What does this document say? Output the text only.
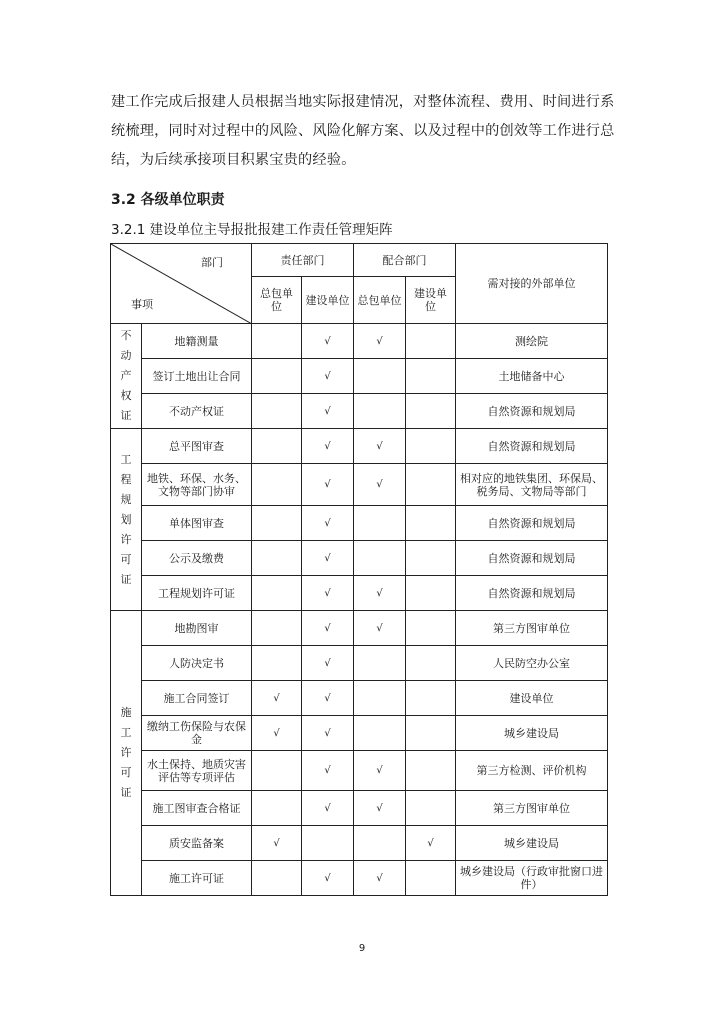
建工作完成后报建人员根据当地实际报建情况，对整体流程、费用、时间进行系

统梳理，同时对过程中的风险、风险化解方案、以及过程中的创效等工作进行总

结，为后续承接项目积累宝贵的经验。

3.2 各级单位职责
3.2.1 建设单位主导报批报建工作责任管理矩阵
部门
事项		责任部门		配合部门		需对接的外部单位
		总包单位	建设单位	总包单位	建设单位	

不动产权证	地籍测量		√	√		测绘院
	签订土地出让合同		√			土地储备中心
	不动产权证		√			自然资源和规划局

工程规划许可证	总平图审查		√	√		自然资源和规划局
	地铁、环保、水务、文物等部门协审		√	√		相对应的地铁集团、环保局、税务局、文物局等部门
	单体图审查		√			自然资源和规划局
	公示及缴费		√			自然资源和规划局
	工程规划许可证		√	√		自然资源和规划局

施工许可证	地勘图审		√	√		第三方图审单位
	人防决定书		√			人民防空办公室
	施工合同签订	√	√			建设单位
	缴纳工伤保险与农保金	√	√			城乡建设局
	水土保持、地质灾害评估等专项评估		√	√		第三方检测、评价机构
	施工图审查合格证		√	√		第三方图审单位
	质安监备案	√			√	城乡建设局
	施工许可证		√	√		城乡建设局（行政审批窗口进件）
9
